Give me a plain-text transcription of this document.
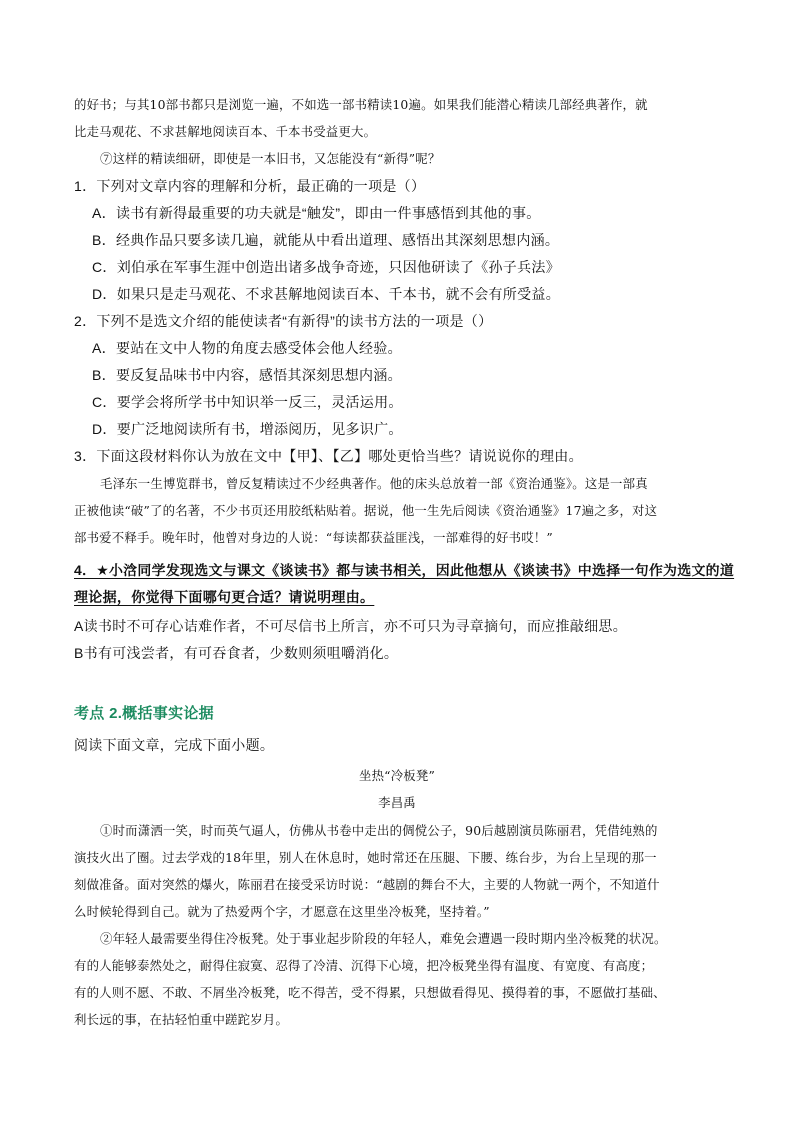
的好书；与其10部书都只是浏览一遍，不如选一部书精读10遍。如果我们能潜心精读几部经典著作，就
比走马观花、不求甚解地阅读百本、千本书受益更大。
⑦这样的精读细研，即使是一本旧书，又怎能没有“新得”呢？
1．下列对文章内容的理解和分析，最正确的一项是（）
A．读书有新得最重要的功夫就是“触发”，即由一件事感悟到其他的事。
B．经典作品只要多读几遍，就能从中看出道理、感悟出其深刻思想内涵。
C．刘伯承在军事生涯中创造出诸多战争奇迹，只因他研读了《孙子兵法》
D．如果只是走马观花、不求甚解地阅读百本、千本书，就不会有所受益。
2．下列不是选文介绍的能使读者“有新得”的读书方法的一项是（）
A．要站在文中人物的角度去感受体会他人经验。
B．要反复品味书中内容，感悟其深刻思想内涵。
C．要学会将所学书中知识举一反三，灵活运用。
D．要广泛地阅读所有书，增添阅历，见多识广。
3．下面这段材料你认为放在文中【甲】、【乙】哪处更恰当些？请说说你的理由。
毛泽东一生博览群书，曾反复精读过不少经典著作。他的床头总放着一部《资治通鉴》。这是一部真
正被他读“破”了的名著，不少书页还用胶纸粘贴着。据说，他一生先后阅读《资治通鉴》17遍之多，对这
部书爱不释手。晚年时，他曾对身边的人说：“每读都获益匪浅，一部难得的好书哎！”
4．★小浛同学发现选文与课文《谈读书》都与读书相关，因此他想从《谈读书》中选择一句作为选文的道
理论据，你觉得下面哪句更合适？请说明理由。
A读书时不可存心诘难作者，不可尽信书上所言，亦不可只为寻章摘句，而应推敲细思。
B书有可浅尝者，有可吞食者，少数则须咀嚼消化。
考点 2.概括事实论据
阅读下面文章，完成下面小题。
坐热“冷板凳”
李昌禹
①时而潇洒一笑，时而英气逼人，仿佛从书卷中走出的倜傥公子，90后越剧演员陈丽君，凭借纯熟的
演技火出了圈。过去学戏的18年里，别人在休息时，她时常还在压腿、下腰、练台步，为台上呈现的那一
刻做准备。面对突然的爆火，陈丽君在接受采访时说：“越剧的舞台不大，主要的人物就一两个，不知道什
么时候轮得到自己。就为了热爱两个字，才愿意在这里坐冷板凳，坚持着。”
②年轻人最需要坐得住冷板凳。处于事业起步阶段的年轻人，难免会遭遇一段时期内坐冷板凳的状况。
有的人能够泰然处之，耐得住寂寞、忍得了冷清、沉得下心境，把冷板凳坐得有温度、有宽度、有高度；
有的人则不愿、不敢、不屑坐冷板凳，吃不得苦，受不得累，只想做看得见、摸得着的事，不愿做打基础、
利长远的事，在拈轻怕重中蹉跎岁月。
